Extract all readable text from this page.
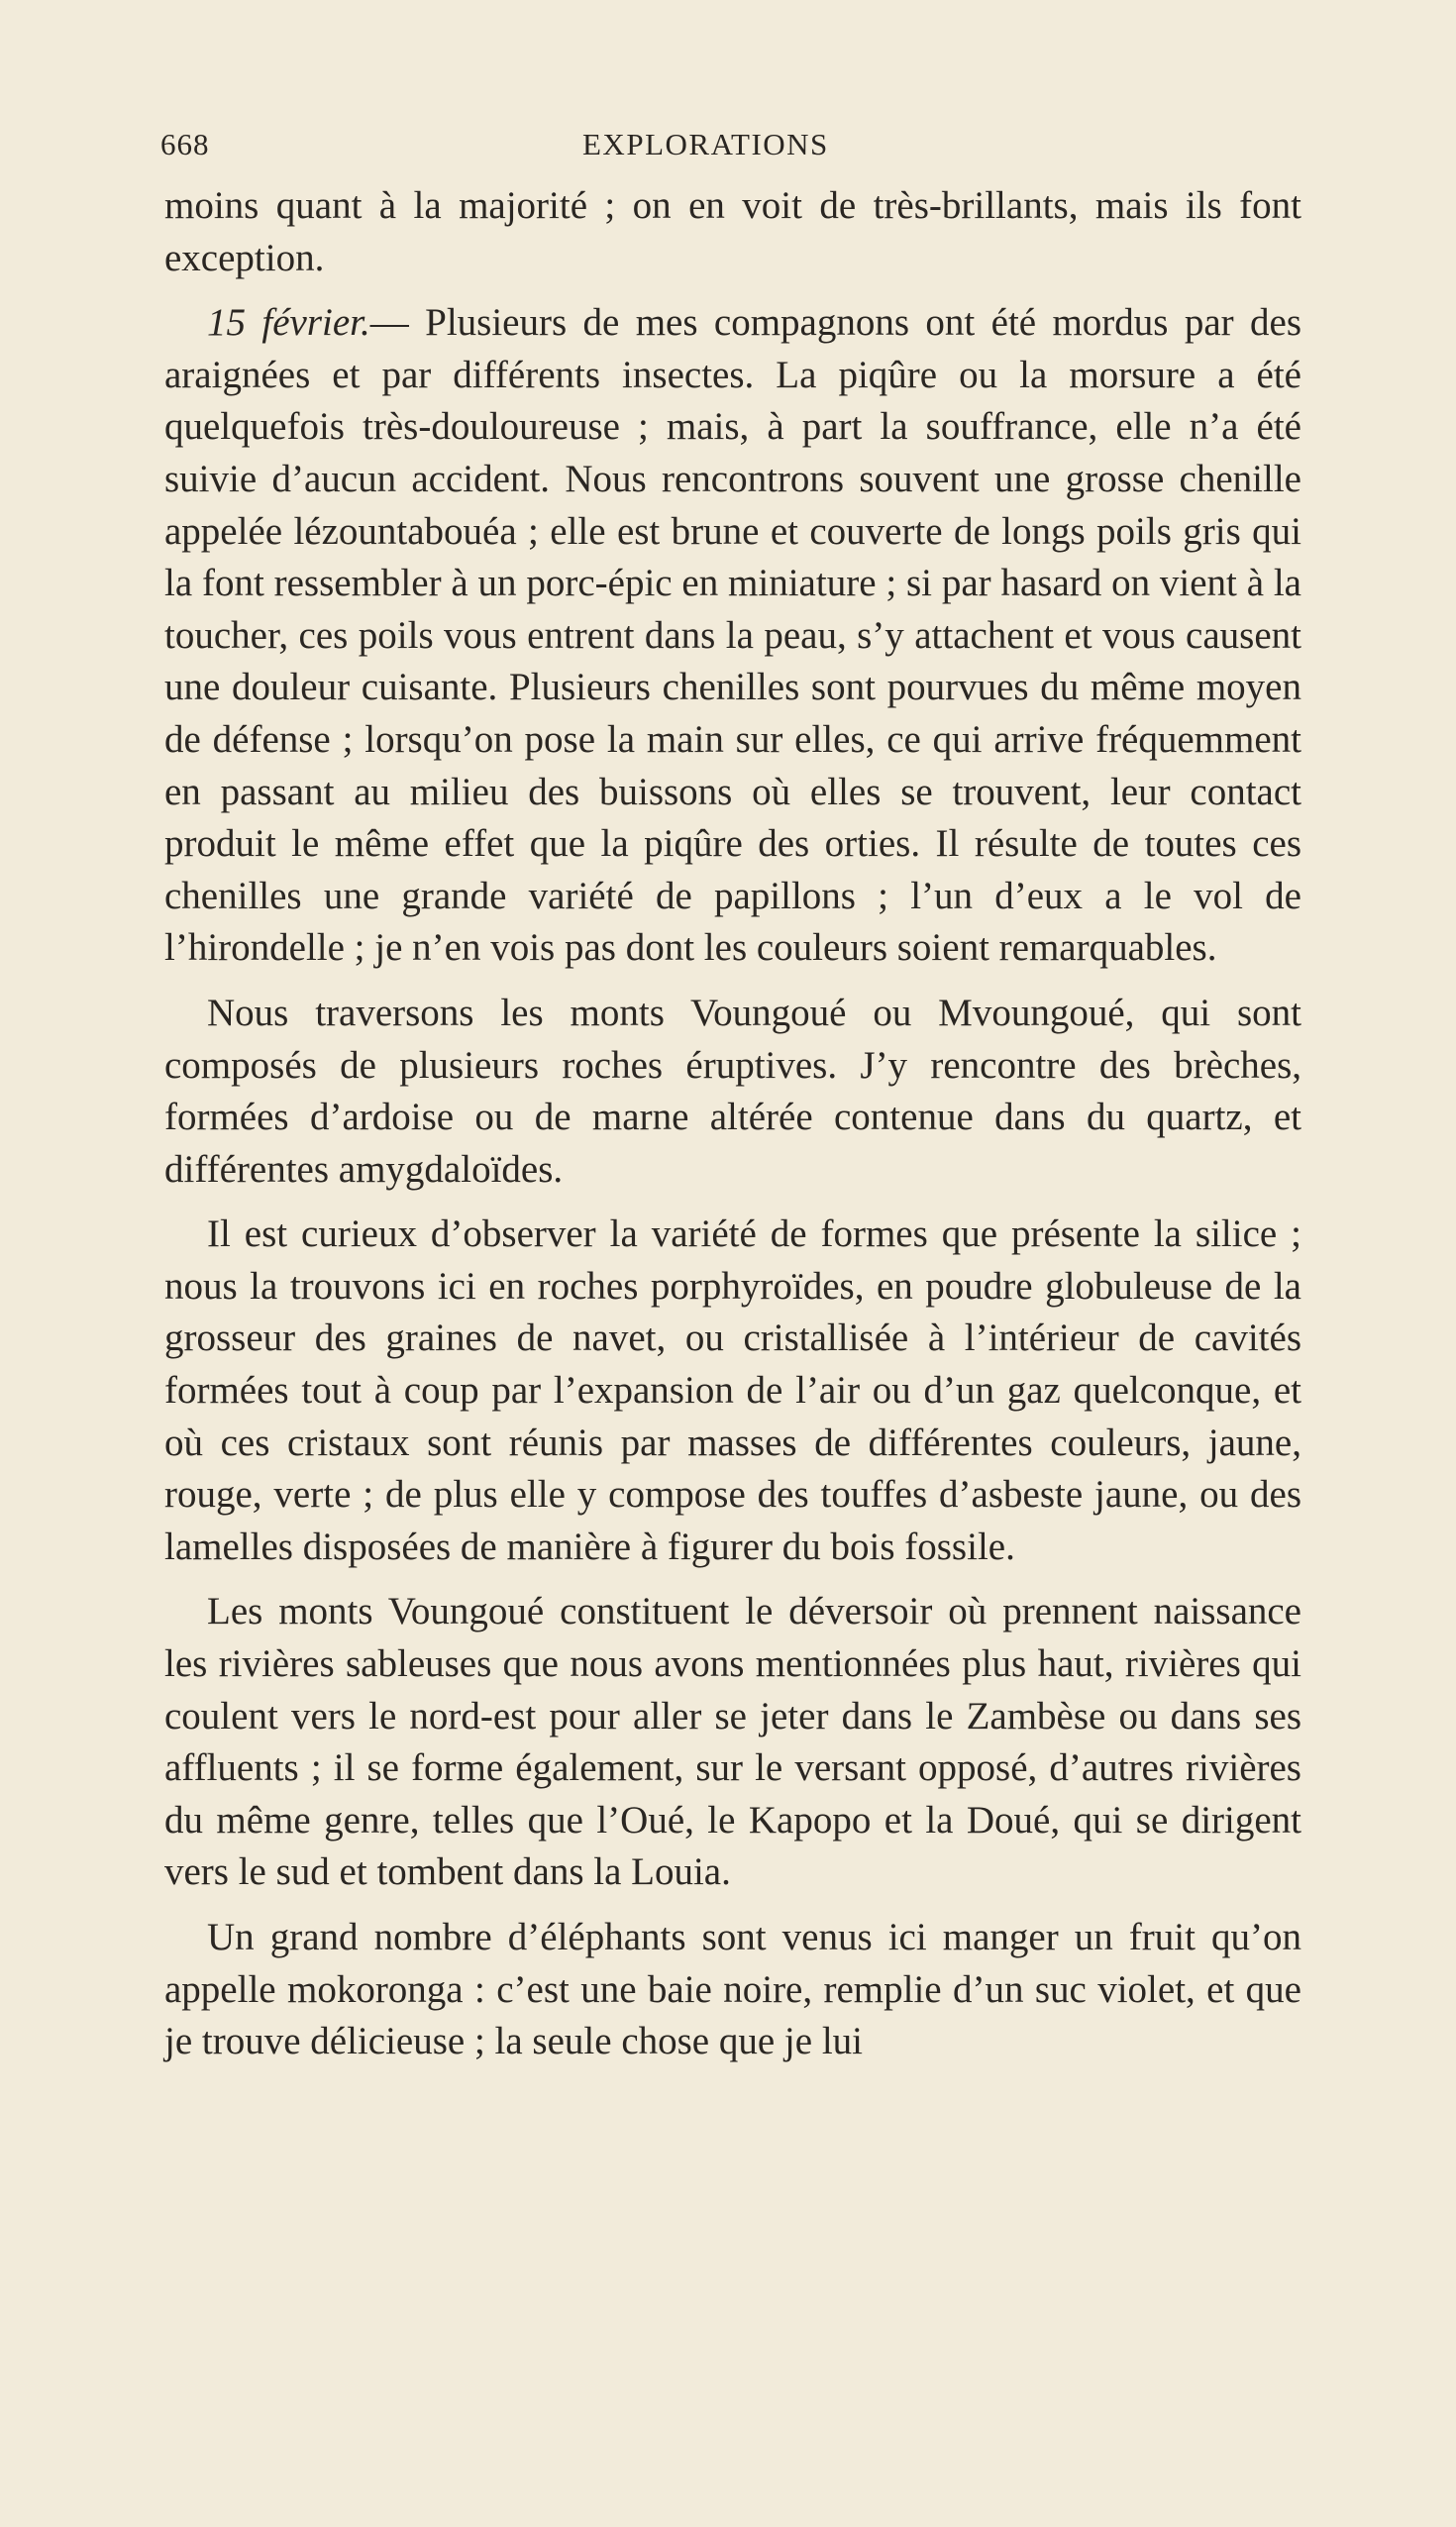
668	EXPLORATIONS

moins quant à la majorité ; on en voit de très-brillants, mais ils font exception.

15 février.— Plusieurs de mes compagnons ont été mordus par des araignées et par différents insectes. La piqûre ou la morsure a été quelquefois très-douloureuse ; mais, à part la souffrance, elle n’a été suivie d’aucun accident. Nous rencontrons souvent une grosse chenille appelée lézountabouéa ; elle est brune et couverte de longs poils gris qui la font ressembler à un porc-épic en miniature ; si par hasard on vient à la toucher, ces poils vous entrent dans la peau, s’y attachent et vous causent une douleur cuisante. Plusieurs chenilles sont pourvues du même moyen de défense ; lorsqu’on pose la main sur elles, ce qui arrive fréquemment en passant au milieu des buissons où elles se trouvent, leur contact produit le même effet que la piqûre des orties. Il résulte de toutes ces chenilles une grande variété de papillons ; l’un d’eux a le vol de l’hirondelle ; je n’en vois pas dont les couleurs soient remarquables.

Nous traversons les monts Voungoué ou Mvoungoué, qui sont composés de plusieurs roches éruptives. J’y rencontre des brèches, formées d’ardoise ou de marne altérée contenue dans du quartz, et différentes amygdaloïdes.

Il est curieux d’observer la variété de formes que présente la silice ; nous la trouvons ici en roches porphyroïdes, en poudre globuleuse de la grosseur des graines de navet, ou cristallisée à l’intérieur de cavités formées tout à coup par l’expansion de l’air ou d’un gaz quelconque, et où ces cristaux sont réunis par masses de différentes couleurs, jaune, rouge, verte ; de plus elle y compose des touffes d’asbeste jaune, ou des lamelles disposées de manière à figurer du bois fossile.

Les monts Voungoué constituent le déversoir où prennent naissance les rivières sableuses que nous avons mentionnées plus haut, rivières qui coulent vers le nord-est pour aller se jeter dans le Zambèse ou dans ses affluents ; il se forme également, sur le versant opposé, d’autres rivières du même genre, telles que l’Oué, le Kapopo et la Doué, qui se dirigent vers le sud et tombent dans la Louia.

Un grand nombre d’éléphants sont venus ici manger un fruit qu’on appelle mokoronga : c’est une baie noire, remplie d’un suc violet, et que je trouve délicieuse ; la seule chose que je lui
